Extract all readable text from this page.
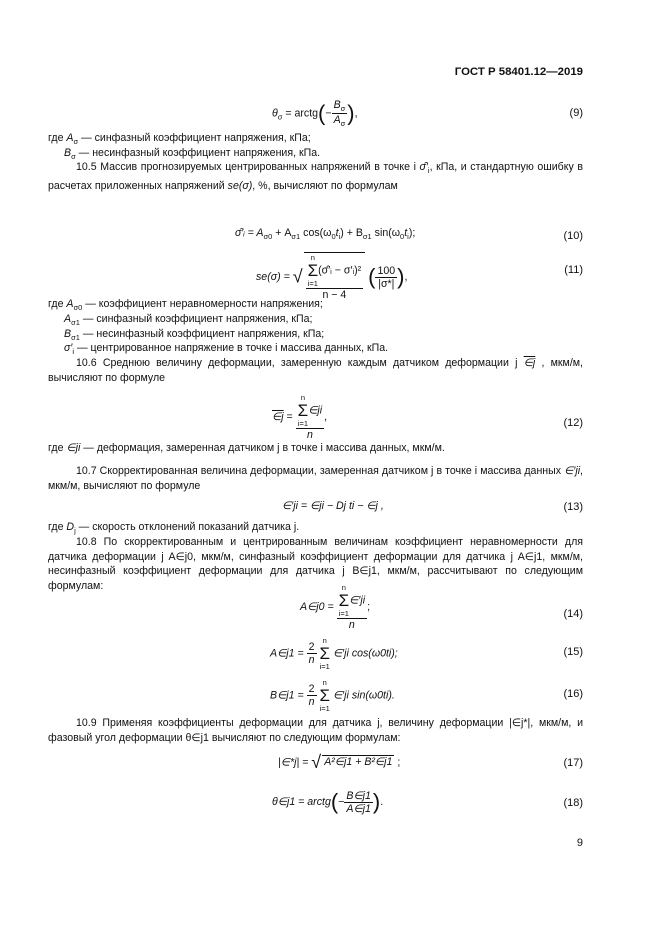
ГОСТ Р 58401.12—2019
$\theta_\sigma$ = arctg(− $\frac{B_\sigma}{A_\sigma}$ ),	(9)
где $A_\sigma$ — синфазный коэффициент напряжения, кПа;
$B_\sigma$ — несинфазный коэффициент напряжения, кПа.

10.5 Массив прогнозируемых центрированных напряжений в точке i $\sigmâ'_i$, кПа, и стандартную ошибку в расчетах приложенных напряжений se(σ), %, вычисляют по формулам

σ̂′ᵢ = $A_{\sigma 0} + A_{\sigma 1}$ $\cos(\omega_0t_i) + B_{\sigma 1}$ $\sin(\omega_0t_i)$;	(10)
se(σ) = √ n
Σ
i=1
(σ̂′ᵢ − σ′ᵢ)²
n − 4 ( $\frac{100}{|\sigma*|}$ ),
(11)
где $A_{\sigma 0}$ — коэффициент неравномерности напряжения;
$A_{\sigma 1}$ — синфазный коэффициент напряжения, кПа;
$B_{\sigma 1}$ — несинфазный коэффициент напряжения, кПа;
$\sigma'_i$ — центрированное напряжение в точке i массива данных, кПа.

10.6 Среднюю величину деформации, замеренную каждым датчиком деформации j ∈j , мкм/м, вычисляют по формуле

∈j = n
Σ
i=1
∈ji
n,
(12)
где ∈ji — деформация, замеренная датчиком j в точке i массива данных, мкм/м.

10.7 Скорректированная величина деформации, замеренная датчиком j в точке i массива данных ∈′ji, мкм/м, вычисляют по формуле

∈′ji = ∈ji − Dj ti − ∈j ,	(13)
где $D_j$ — скорость отклонений показаний датчика j.

10.8 По скорректированным и центрированным величинам коэффициент неравномерности для датчика деформации j A∈j0, мкм/м, синфазный коэффициент деформации для датчика j A∈j1, мкм/м, несинфазный коэффициент деформации для датчика j B∈j1, мкм/м, рассчитывают по следующим формулам:

A∈j0 = n
Σ
i=1
∈′ji
n;
(14)
A∈j1 = $\frac{2}{n}$
n
Σ
i=1
∈′ji cos(ω0ti);	(15)
B∈j1 = $\frac{2}{n}$
n
Σ
i=1
∈′ji sin(ω0ti).	(16)

10.9 Применяя коэффициенты деформации для датчика j, величину деформации |∈j*|, мкм/м, и фазовый угол деформации θ∈j1 вычисляют по следующим формулам:

|∈*j| = √ A²∈j1 + B²∈j1 ;	(17)
θ∈j1 = arctg(− $\frac{B\in j1}{A\in j1}$ ).	(18)
9
